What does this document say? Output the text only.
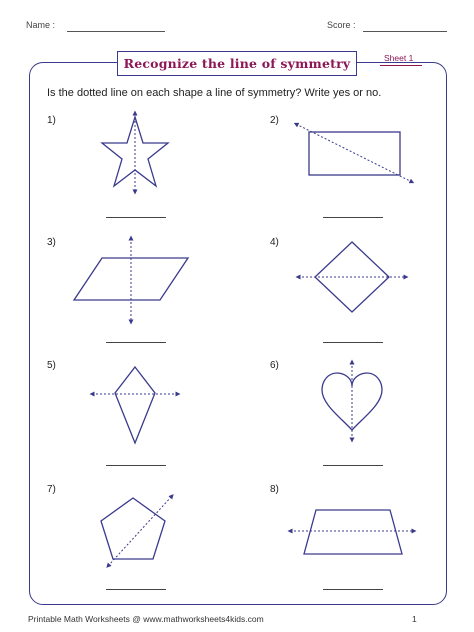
Name :	Score :
Recognize the line of symmetry	Sheet 1
Is the dotted line on each shape a line of symmetry? Write yes or no.
1)	2)
3)	4)
5)	6)
7)	8)
Printable Math Worksheets @ www.mathworksheets4kids.com	1
